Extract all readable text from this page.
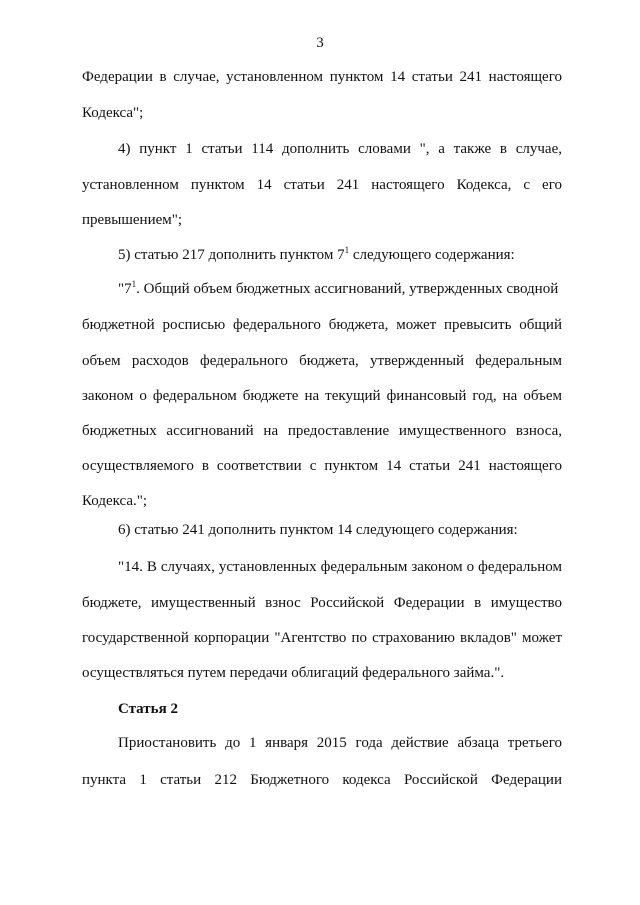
3
Федерации в случае, установленном пунктом 14 статьи 241 настоящего
Кодекса";
4) пункт 1 статьи 114 дополнить словами ", а также в случае,
установленном пунктом 14 статьи 241 настоящего Кодекса, с его
превышением";
5) статью 217 дополнить пунктом $7^1$ следующего содержания:
"$7^1$. Общий объем бюджетных ассигнований, утвержденных сводной
бюджетной росписью федерального бюджета, может превысить общий
объем расходов федерального бюджета, утвержденный федеральным
законом о федеральном бюджете на текущий финансовый год, на объем
бюджетных ассигнований на предоставление имущественного взноса,
осуществляемого в соответствии с пунктом 14 статьи 241 настоящего
Кодекса.";
6) статью 241 дополнить пунктом 14 следующего содержания:
"14. В случаях, установленных федеральным законом о федеральном
бюджете, имущественный взнос Российской Федерации в имущество
государственной корпорации "Агентство по страхованию вкладов" может
осуществляться путем передачи облигаций федерального займа.".
Статья 2
Приостановить до 1 января 2015 года действие абзаца третьего
пункта 1 статьи 212 Бюджетного кодекса Российской Федерации
